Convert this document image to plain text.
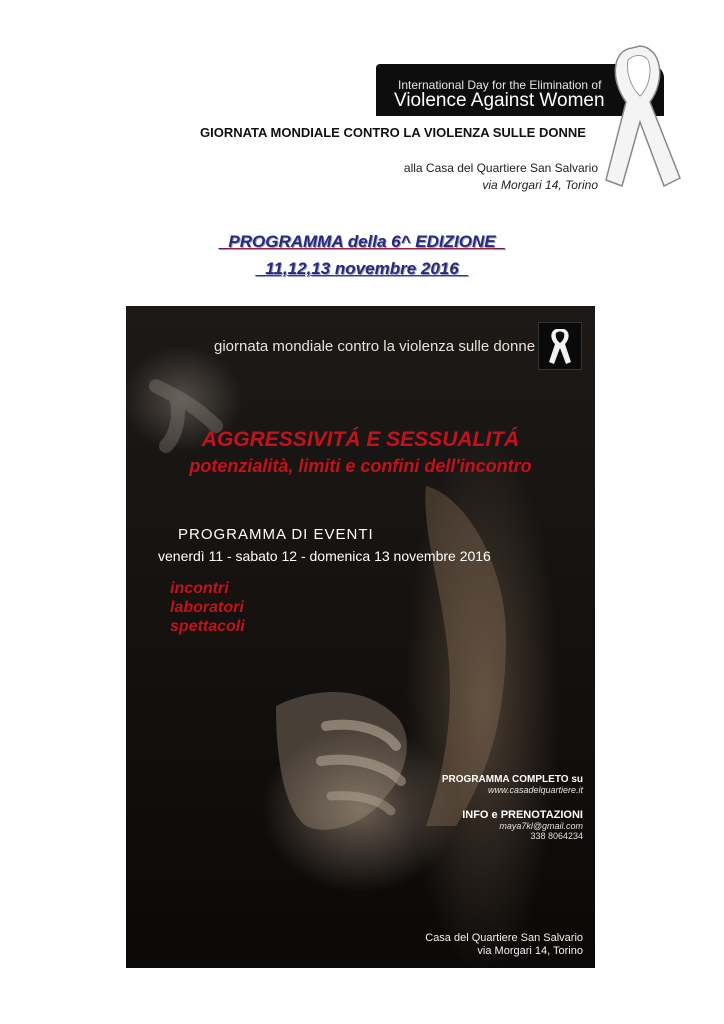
International Day for the Elimination of
Violence Against Women
GIORNATA MONDIALE CONTRO LA VIOLENZA SULLE DONNE
alla Casa del Quartiere San Salvario
via Morgari 14, Torino
_PROGRAMMA della 6^ EDIZIONE_
_11,12,13 novembre 2016_
giornata mondiale contro la violenza sulle donne
AGGRESSIVITÁ E SESSUALITÁ
potenzialità, limiti e confini dell'incontro
PROGRAMMA DI EVENTI
venerdì 11 - sabato 12 - domenica 13 novembre 2016
incontri
laboratori
spettacoli
PROGRAMMA COMPLETO su
www.casadelquartiere.it
INFO e PRENOTAZIONI
maya7kl@gmail.com
338 8064234
Casa del Quartiere San Salvario
via Morgari 14, Torino
